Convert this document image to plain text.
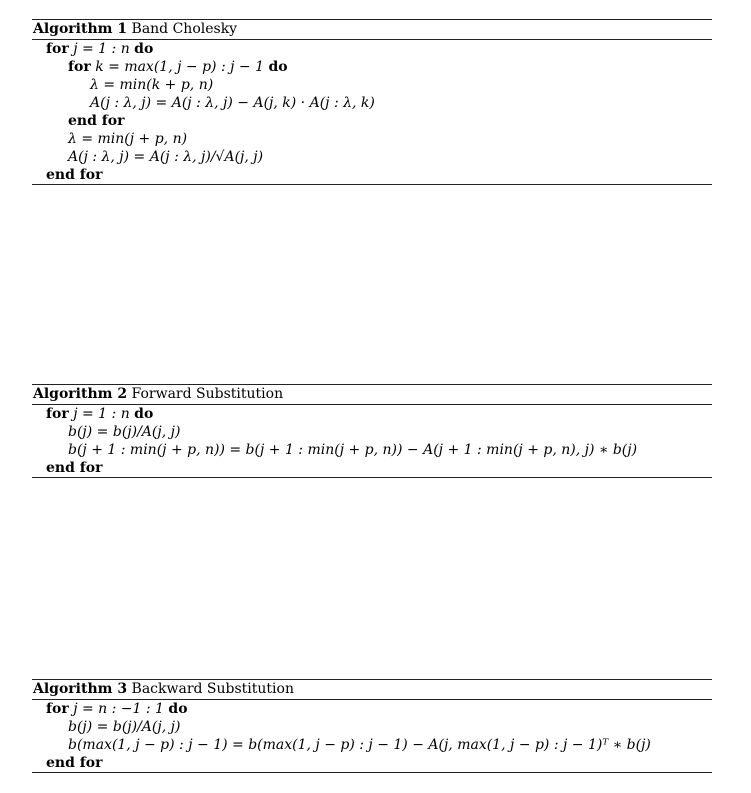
Algorithm 1 Band Cholesky
for j = 1 : n do
for k = max(1, j − p) : j − 1 do
λ = min(k + p, n)
A(j : λ, j) = A(j : λ, j) − A(j, k) · A(j : λ, k)
end for
λ = min(j + p, n)
A(j : λ, j) = A(j : λ, j)/√A(j, j)
end for
Algorithm 2 Forward Substitution
for j = 1 : n do
b(j) = b(j)/A(j, j)
b(j + 1 : min(j + p, n)) = b(j + 1 : min(j + p, n)) − A(j + 1 : min(j + p, n), j) ∗ b(j)
end for
Algorithm 3 Backward Substitution
for j = n : −1 : 1 do
b(j) = b(j)/A(j, j)
b(max(1, j − p) : j − 1) = b(max(1, j − p) : j − 1) − A(j, max(1, j − p) : j − 1)ᵀ ∗ b(j)
end for
